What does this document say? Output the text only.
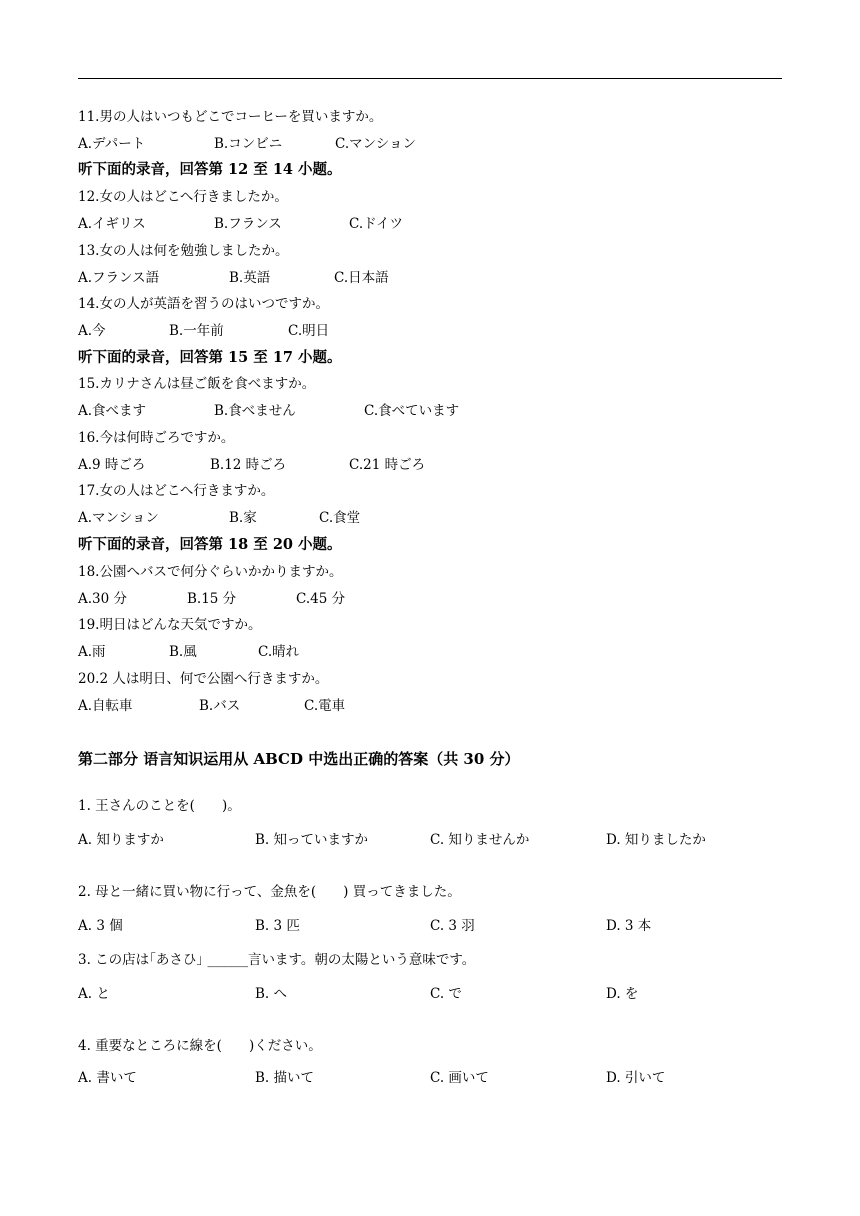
11.男の人はいつもどこでコーヒーを買いますか。
A.デパート	B.コンビニ	C.マンション
听下面的录音，回答第 12 至 14 小题。
12.女の人はどこへ行きましたか。
A.イギリス	B.フランス	C.ドイツ
13.女の人は何を勉強しましたか。
A.フランス語	B.英語	C.日本語
14.女の人が英語を習うのはいつですか。
A.今	B.一年前	C.明日
听下面的录音，回答第 15 至 17 小题。
15.カリナさんは昼ご飯を食べますか。
A.食べます	B.食べません	C.食べています
16.今は何時ごろですか。
A.9 時ごろ	B.12 時ごろ	C.21 時ごろ
17.女の人はどこへ行きますか。
A.マンション	B.家	C.食堂
听下面的录音，回答第 18 至 20 小题。
18.公園へバスで何分ぐらいかかりますか。
A.30 分	B.15 分	C.45 分
19.明日はどんな天気ですか。
A.雨	B.風	C.晴れ
20.2 人は明日、何で公園へ行きますか。
A.自転車	B.バス	C.電車
第二部分 语言知识运用从 ABCD 中选出正确的答案（共 30 分）
1. 王さんのことを(　　)。
A. 知りますか	B. 知っていますか	C. 知りませんか	D. 知りましたか
2. 母と一緒に買い物に行って、金魚を(　　) 買ってきました。
A. 3 個	B. 3 匹	C. 3 羽	D. 3 本
3. この店は｢あさひ｣ ______言います。朝の太陽という意味です。
A. と	B. へ	C. で	D. を
4. 重要なところに線を(　　)ください。
A. 書いて	B. 描いて	C. 画いて	D. 引いて
